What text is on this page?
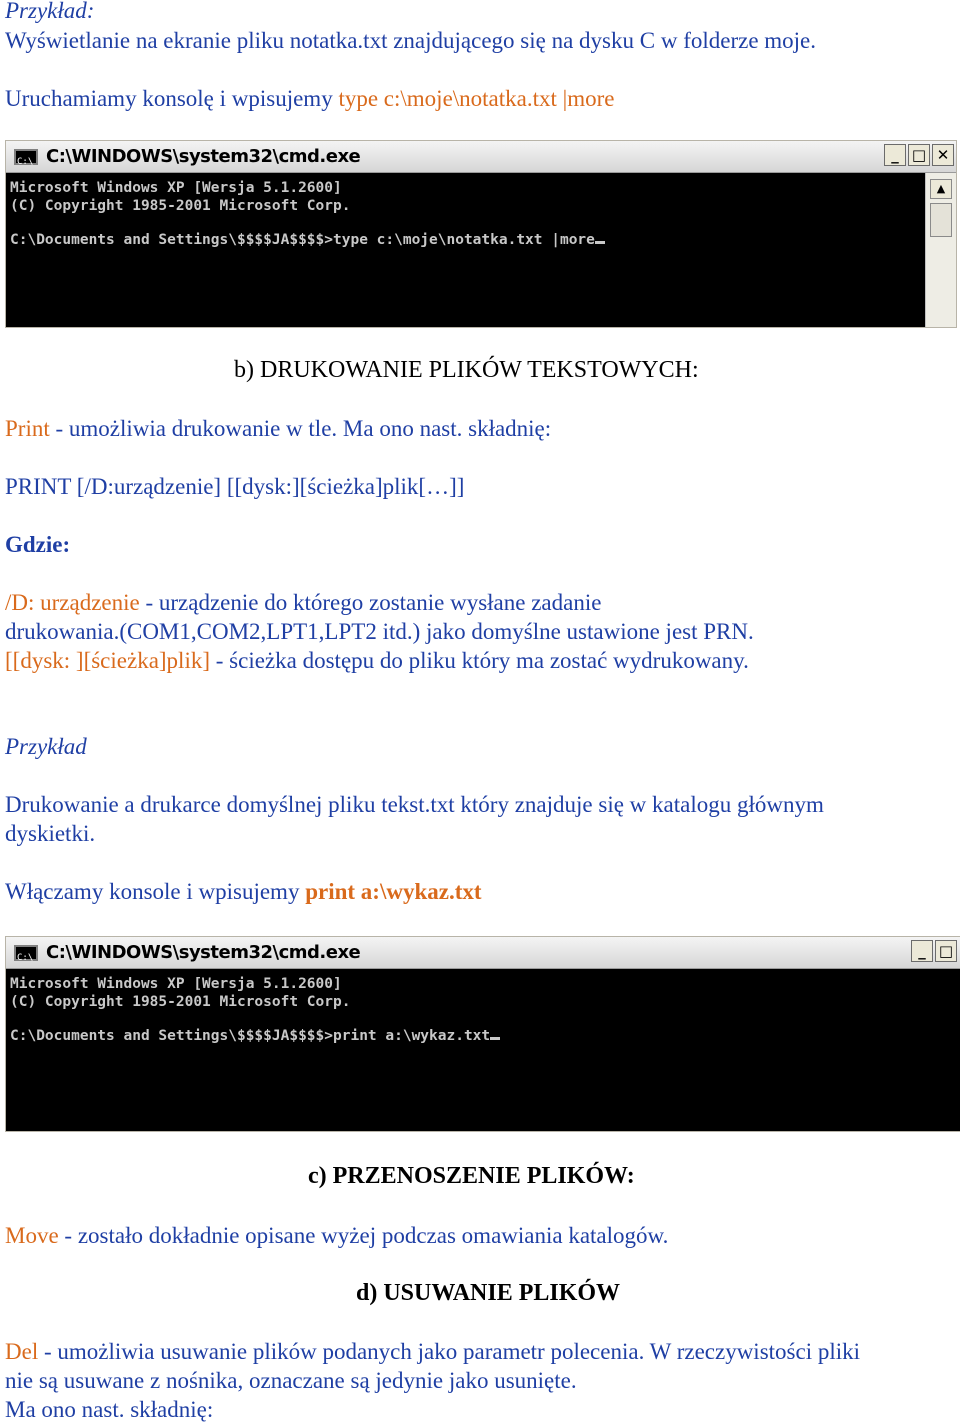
Przykład:
Wyświetlanie na ekranie pliku notatka.txt znajdującego się na dysku C w folderze moje.
Uruchamiamy konsolę i wpisujemy type c:\moje\notatka.txt |more
C:\
C:\WINDOWS\system32\cmd.exe	_ □ ✕
Microsoft Windows XP [Wersja 5.1.2600]
(C) Copyright 1985-2001 Microsoft Corp.
C:\Documents and Settings\$$$$JA$$$$>type c:\moje\notatka.txt |more
▲
b) DRUKOWANIE PLIKÓW TEKSTOWYCH:
Print - umożliwia drukowanie w tle. Ma ono nast. składnię:
PRINT [/D:urządzenie] [[dysk:][ścieżka]plik[…]]
Gdzie:
/D: urządzenie - urządzenie do którego zostanie wysłane zadanie
drukowania.(COM1,COM2,LPT1,LPT2 itd.) jako domyślne ustawione jest PRN.
[[dysk: ][ścieżka]plik] - ścieżka dostępu do pliku który ma zostać wydrukowany.
Przykład
Drukowanie a drukarce domyślnej pliku tekst.txt który znajduje się w katalogu głównym
dyskietki.
Włączamy konsole i wpisujemy print a:\wykaz.txt
C:\
C:\WINDOWS\system32\cmd.exe	_ □
Microsoft Windows XP [Wersja 5.1.2600]
(C) Copyright 1985-2001 Microsoft Corp.
C:\Documents and Settings\$$$$JA$$$$>print a:\wykaz.txt
c) PRZENOSZENIE PLIKÓW:
Move - zostało dokładnie opisane wyżej podczas omawiania katalogów.
d) USUWANIE PLIKÓW
Del - umożliwia usuwanie plików podanych jako parametr polecenia. W rzeczywistości pliki
nie są usuwane z nośnika, oznaczane są jedynie jako usunięte.
Ma ono nast. składnię:
